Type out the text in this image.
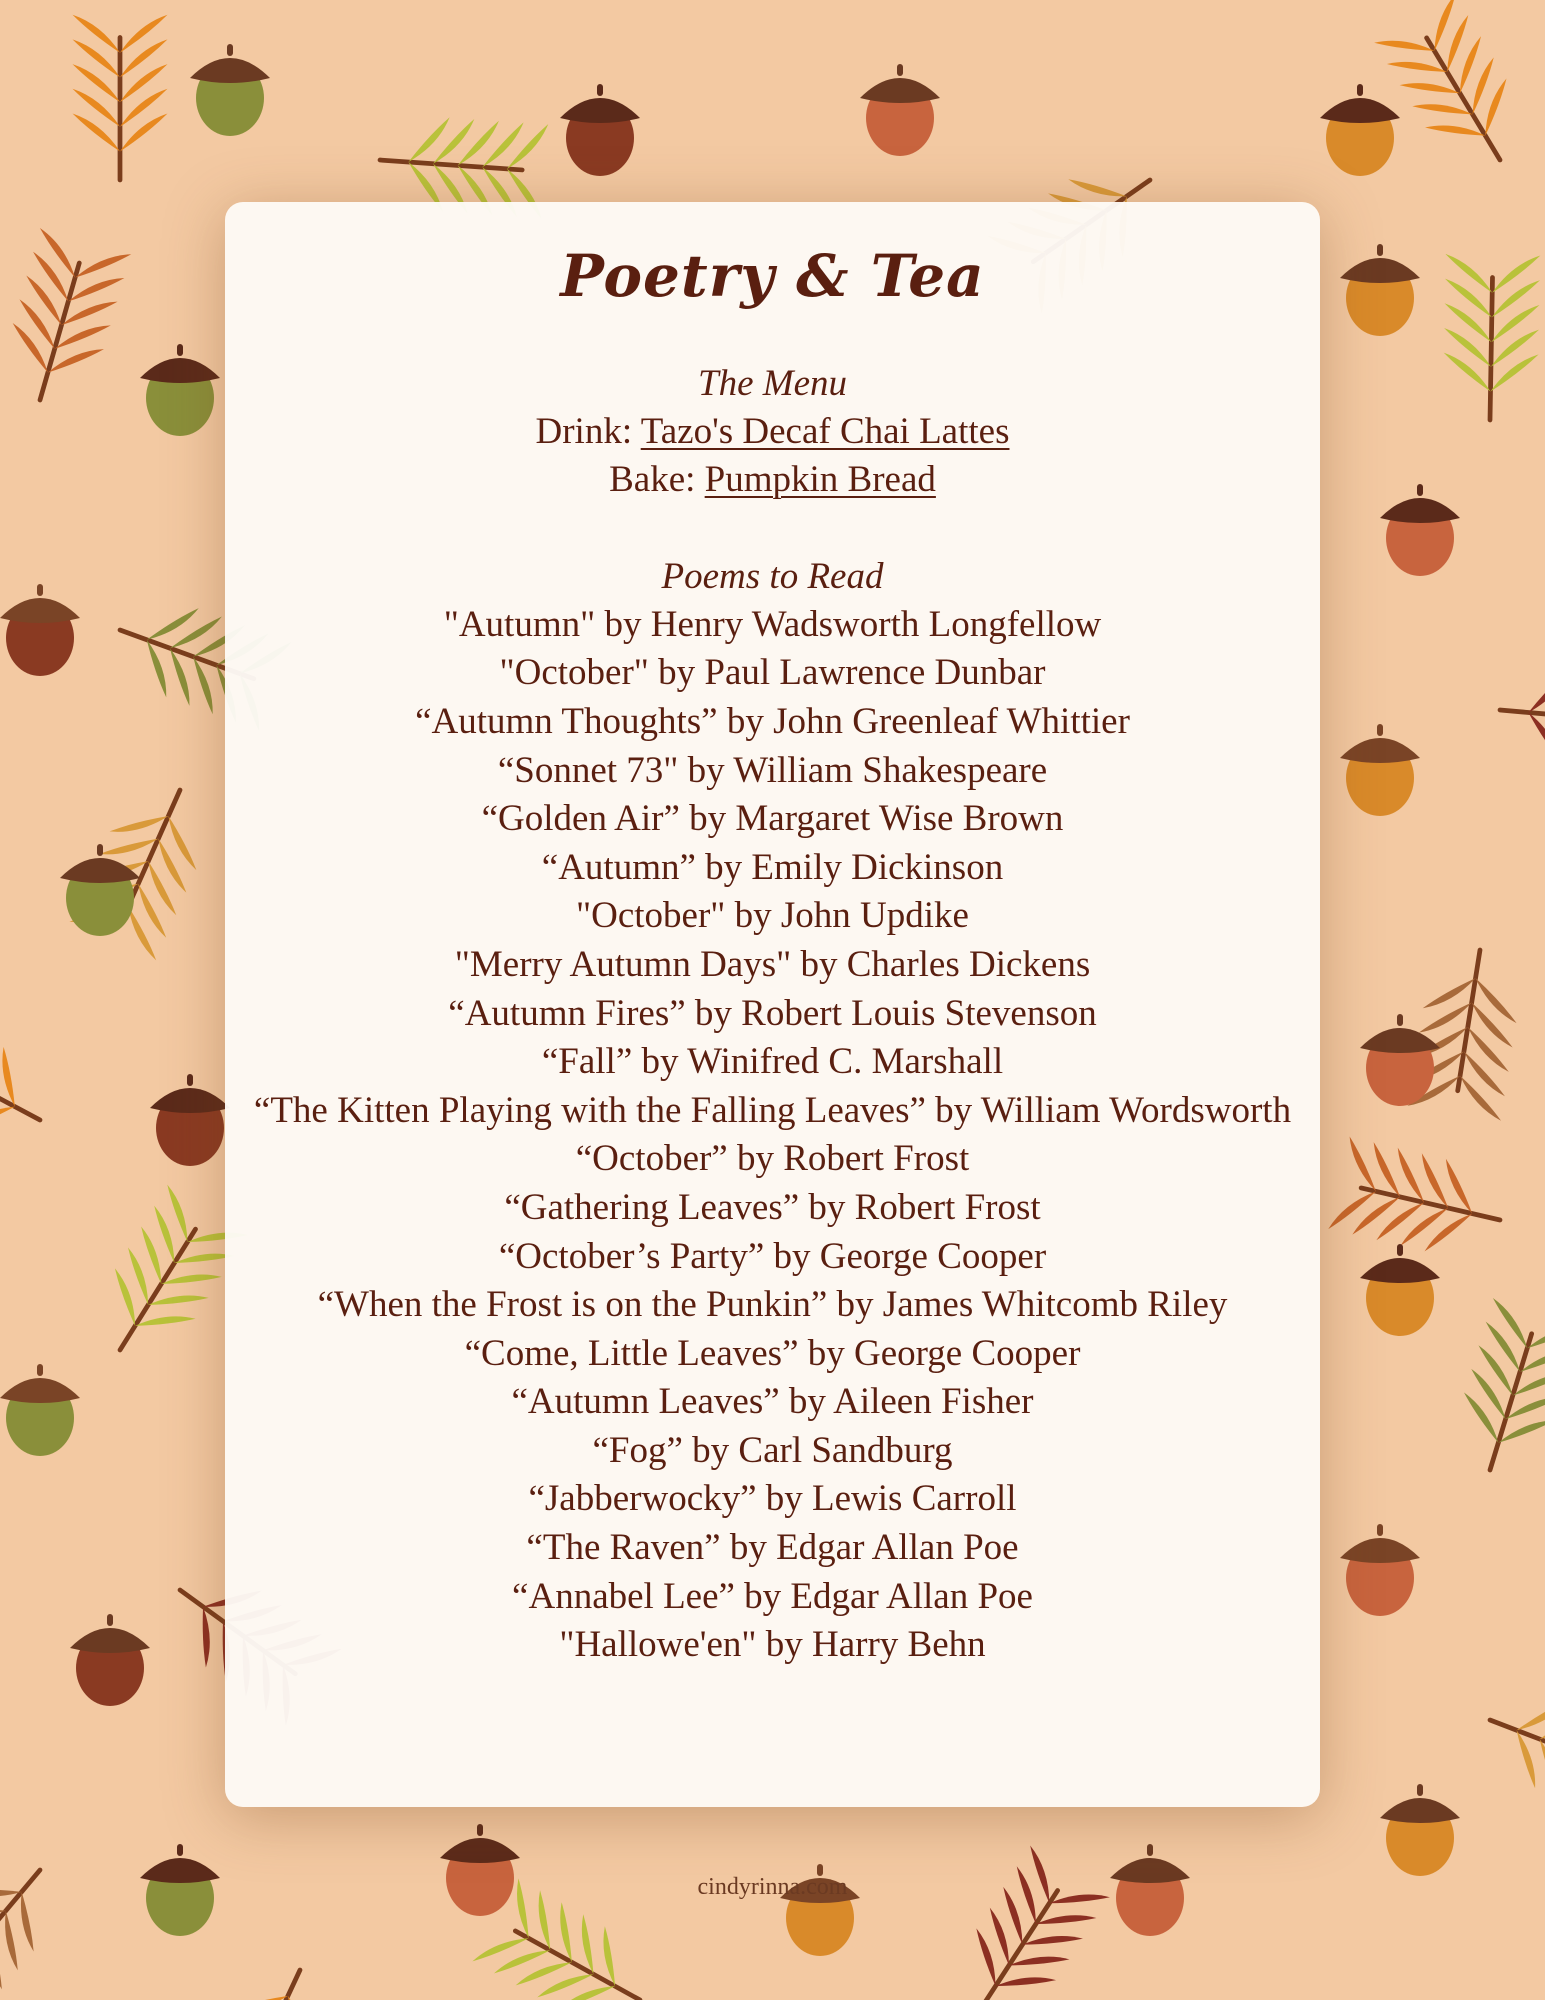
Poetry & Tea
The Menu
Drink: Tazo's Decaf Chai Lattes
Bake: Pumpkin Bread
Poems to Read
"Autumn" by Henry Wadsworth Longfellow
"October" by Paul Lawrence Dunbar
“Autumn Thoughts” by John Greenleaf Whittier
“Sonnet 73" by William Shakespeare
“Golden Air” by Margaret Wise Brown
“Autumn” by Emily Dickinson
"October" by John Updike
"Merry Autumn Days" by Charles Dickens
“Autumn Fires” by Robert Louis Stevenson
“Fall” by Winifred C. Marshall
“The Kitten Playing with the Falling Leaves” by William Wordsworth
“October” by Robert Frost
“Gathering Leaves” by Robert Frost
“October’s Party” by George Cooper
“When the Frost is on the Punkin” by James Whitcomb Riley
“Come, Little Leaves” by George Cooper
“Autumn Leaves” by Aileen Fisher
“Fog” by Carl Sandburg
“Jabberwocky” by Lewis Carroll
“The Raven” by Edgar Allan Poe
“Annabel Lee” by Edgar Allan Poe
"Hallowe'en" by Harry Behn
cindyrinna.com
